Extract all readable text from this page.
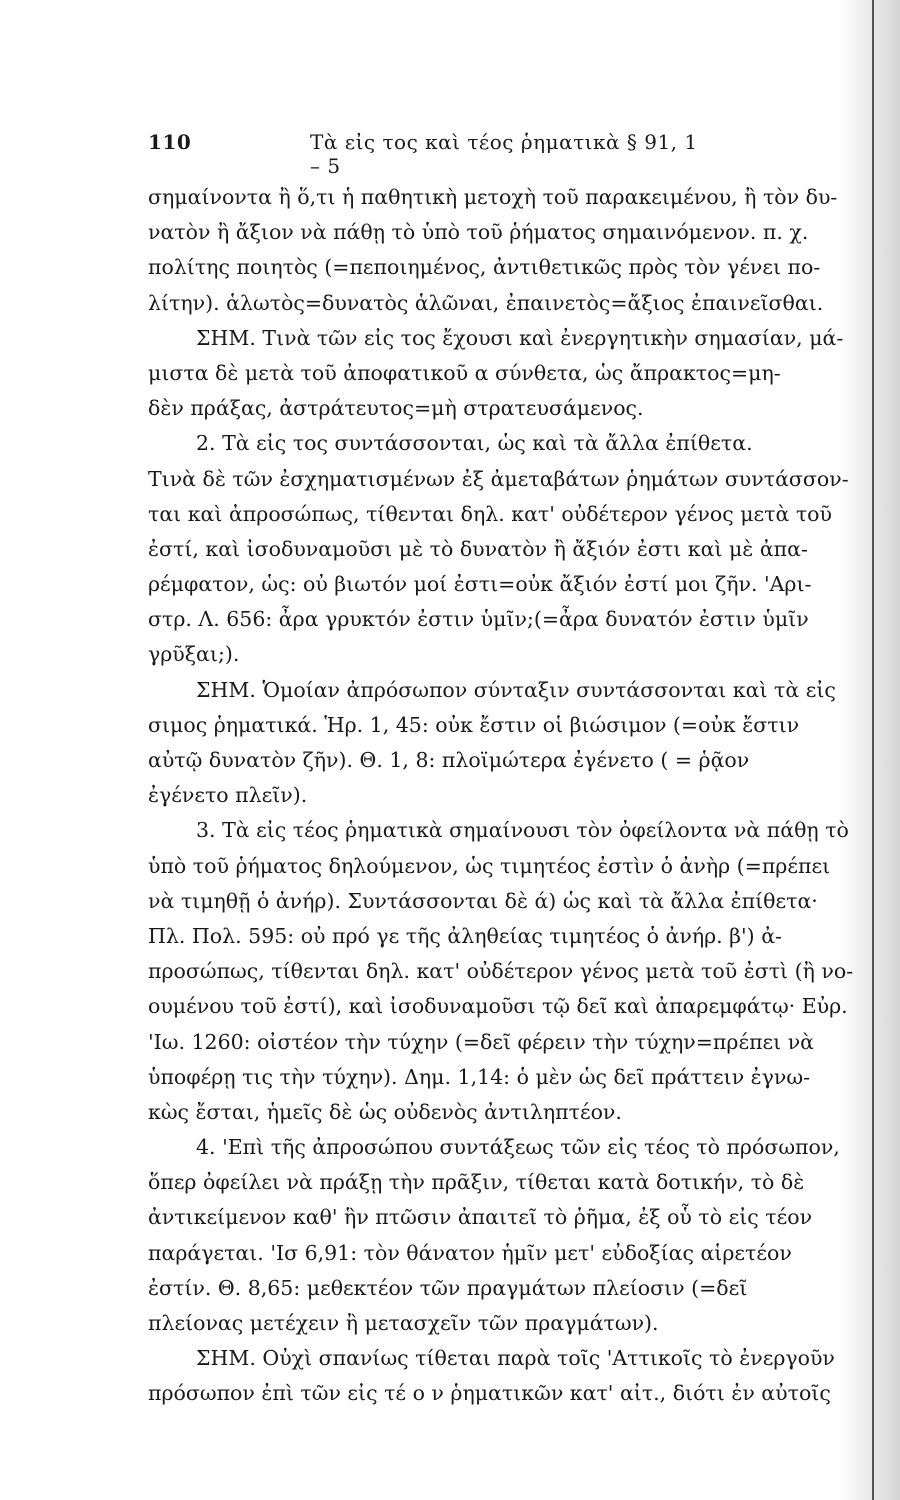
110	Τὰ εἰς τος καὶ τέος ῥηματικὰ § 91, 1 – 5
σημαίνοντα ἢ ὅ,τι ἡ παθητικὴ μετοχὴ τοῦ παρακειμένου, ἢ τὸν δυ-
νατὸν ἢ ἄξιον νὰ πάθῃ τὸ ὑπὸ τοῦ ῥήματος σημαινόμενον. π. χ.
πολίτης ποιητὸς (=πεποιημένος, ἀντιθετικῶς πρὸς τὸν γένει πο-
λίτην). ἁλωτὸς=δυνατὸς ἁλῶναι, ἐπαινετὸς=ἄξιος ἐπαινεῖσθαι.
ΣΗΜ. Τινὰ τῶν εἰς τος ἔχουσι καὶ ἐνεργητικὴν σημασίαν, μά-
μιστα δὲ μετὰ τοῦ ἀποφατικοῦ α σύνθετα, ὡς ἄπρακτος=μη-
δὲν πράξας, ἀστράτευτος=μὴ στρατευσάμενος.
2. Τὰ εἰς τος συντάσσονται, ὡς καὶ τὰ ἄλλα ἐπίθετα.
Τινὰ δὲ τῶν ἐσχηματισμένων ἐξ ἀμεταβάτων ῥημάτων συντάσσον-
ται καὶ ἀπροσώπως, τίθενται δηλ. κατ' οὐδέτερον γένος μετὰ τοῦ
ἐστί, καὶ ἰσοδυναμοῦσι μὲ τὸ δυνατὸν ἢ ἄξιόν ἐστι καὶ μὲ ἀπα-
ρέμφατον, ὡς: οὐ βιωτόν μοί ἐστι=οὐκ ἄξιόν ἐστί μοι ζῆν. 'Αρι-
στρ. Λ. 656: ἆρα γρυκτόν ἐστιν ὑμῖν;(=ἆρα δυνατόν ἐστιν ὑμῖν
γρῦξαι;).
ΣΗΜ. Ὁμοίαν ἀπρόσωπον σύνταξιν συντάσσονται καὶ τὰ εἰς
σιμος ῥηματικά. Ἡρ. 1, 45: οὐκ ἔστιν οἱ βιώσιμον (=οὐκ ἔστιν
αὐτῷ δυνατὸν ζῆν). Θ. 1, 8: πλοϊμώτερα ἐγένετο ( = ῥᾷον
ἐγένετο πλεῖν).
3. Τὰ εἰς τέος ῥηματικὰ σημαίνουσι τὸν ὀφείλοντα νὰ πάθῃ τὸ
ὑπὸ τοῦ ῥήματος δηλούμενον, ὡς τιμητέος ἐστὶν ὁ ἀνὴρ (=πρέπει
νὰ τιμηθῇ ὁ ἀνήρ). Συντάσσονται δὲ ά) ὡς καὶ τὰ ἄλλα ἐπίθετα·
Πλ. Πολ. 595: οὐ πρό γε τῆς ἀληθείας τιμητέος ὁ ἀνήρ. β') ἀ-
προσώπως, τίθενται δηλ. κατ' οὐδέτερον γένος μετὰ τοῦ ἐστὶ (ἢ νο-
ουμένου τοῦ ἐστί), καὶ ἰσοδυναμοῦσι τῷ δεῖ καὶ ἀπαρεμφάτῳ· Εὐρ.
'Ιω. 1260: οἰστέον τὴν τύχην (=δεῖ φέρειν τὴν τύχην=πρέπει νὰ
ὑποφέρῃ τις τὴν τύχην). Δημ. 1,14: ὁ μὲν ὡς δεῖ πράττειν ἐγνω-
κὼς ἔσται, ἡμεῖς δὲ ὡς οὐδενὸς ἀντιληπτέον.
4. 'Επὶ τῆς ἀπροσώπου συντάξεως τῶν εἰς τέος τὸ πρόσωπον,
ὅπερ ὀφείλει νὰ πράξῃ τὴν πρᾶξιν, τίθεται κατὰ δοτικήν, τὸ δὲ
ἀντικείμενον καθ' ἣν πτῶσιν ἀπαιτεῖ τὸ ῥῆμα, ἐξ οὗ τὸ εἰς τέον
παράγεται. 'Ισ 6,91: τὸν θάνατον ἡμῖν μετ' εὐδοξίας αἱρετέον
ἐστίν. Θ. 8,65: μεθεκτέον τῶν πραγμάτων πλείοσιν (=δεῖ
πλείονας μετέχειν ἢ μετασχεῖν τῶν πραγμάτων).
ΣΗΜ. Οὐχὶ σπανίως τίθεται παρὰ τοῖς 'Αττικοῖς τὸ ἐνεργοῦν
πρόσωπον ἐπὶ τῶν εἰς τέ ο ν ῥηματικῶν κατ' αἰτ., διότι ἐν αὐτοῖς
